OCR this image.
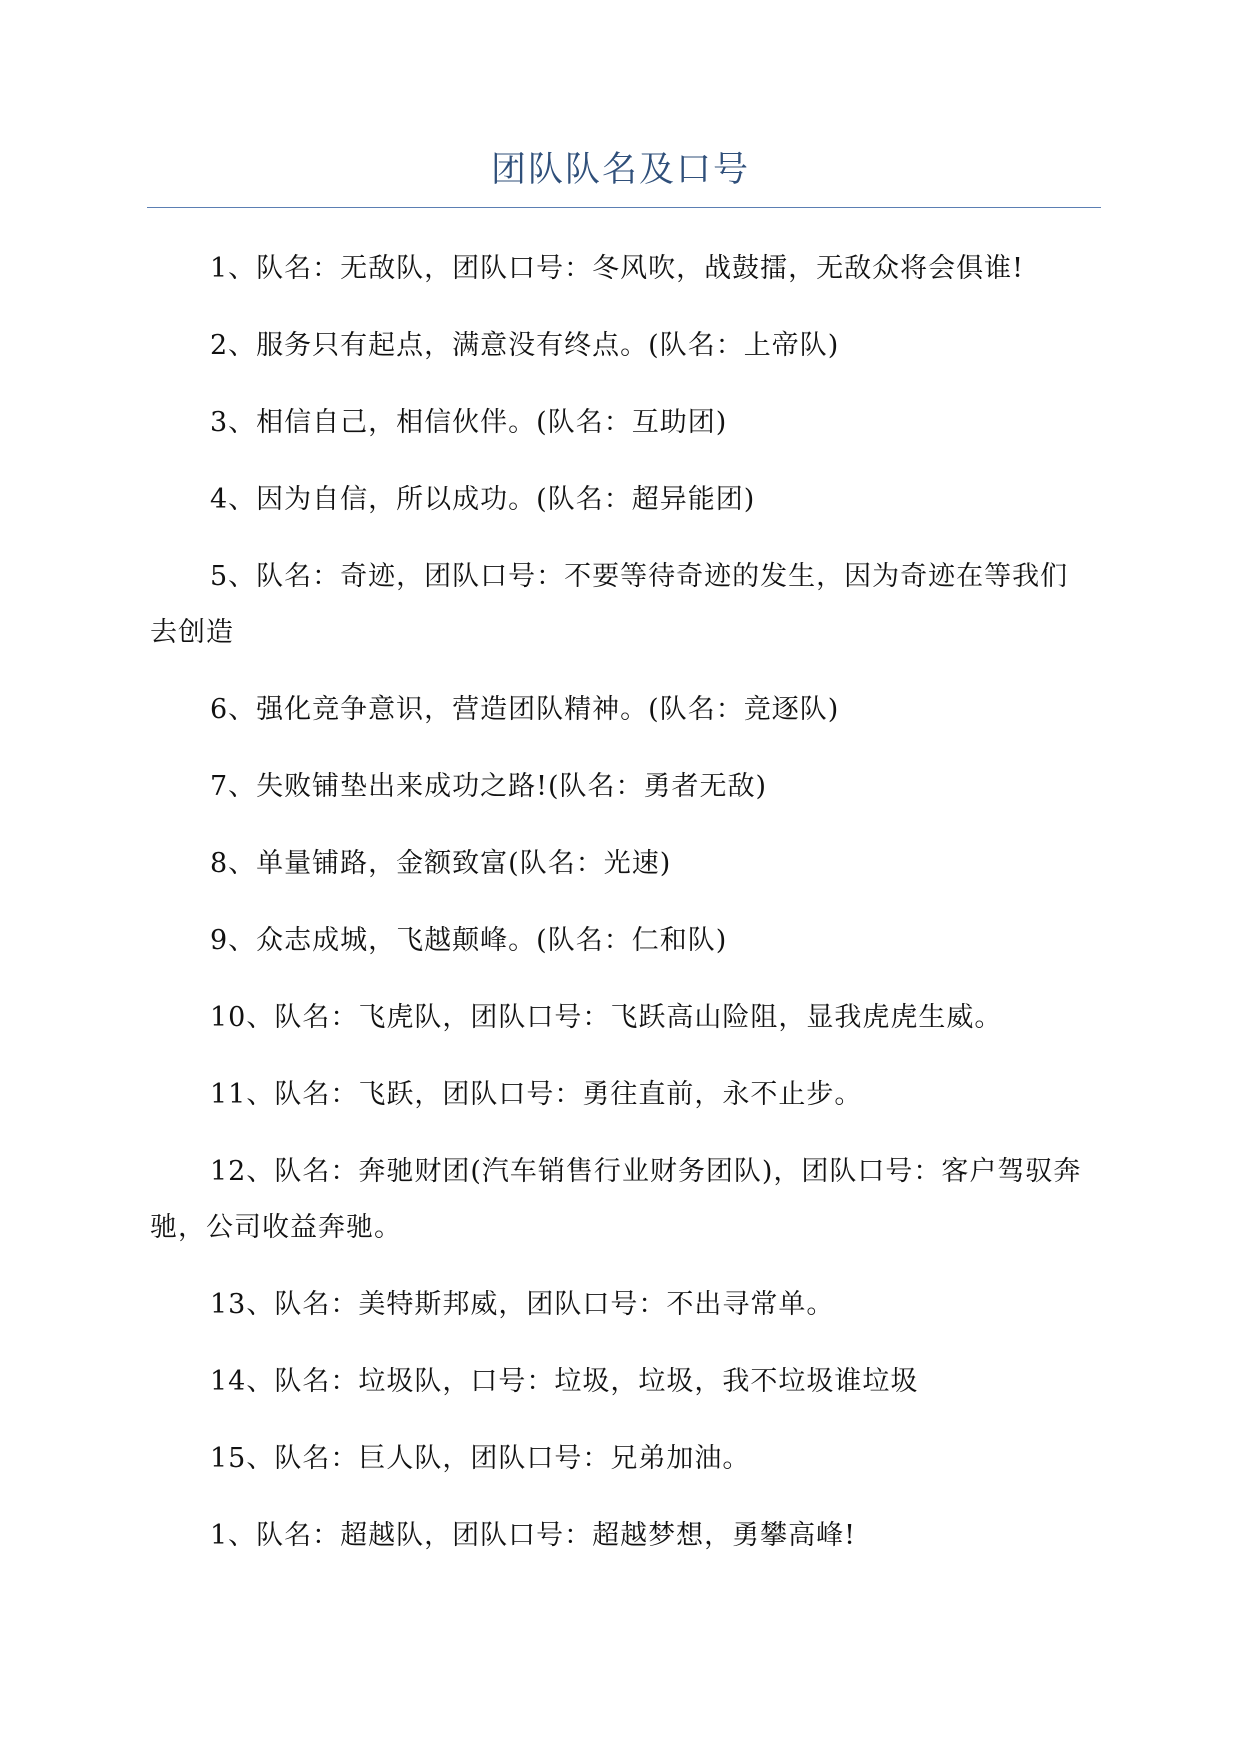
团队队名及口号

1、队名：无敌队，团队口号：冬风吹，战鼓擂，无敌众将会俱谁!

2、服务只有起点，满意没有终点。(队名：上帝队)

3、相信自己，相信伙伴。(队名：互助团)

4、因为自信，所以成功。(队名：超异能团)

5、队名：奇迹，团队口号：不要等待奇迹的发生，因为奇迹在等我们去创造

6、强化竞争意识，营造团队精神。(队名：竞逐队)

7、失败铺垫出来成功之路!(队名：勇者无敌)

8、单量铺路，金额致富(队名：光速)

9、众志成城，飞越颠峰。(队名：仁和队)

10、队名：飞虎队，团队口号：飞跃高山险阻，显我虎虎生威。

11、队名：飞跃，团队口号：勇往直前，永不止步。

12、队名：奔驰财团(汽车销售行业财务团队)，团队口号：客户驾驭奔驰，公司收益奔驰。

13、队名：美特斯邦威，团队口号：不出寻常单。

14、队名：垃圾队，口号：垃圾，垃圾，我不垃圾谁垃圾

15、队名：巨人队，团队口号：兄弟加油。

1、队名：超越队，团队口号：超越梦想，勇攀高峰!
